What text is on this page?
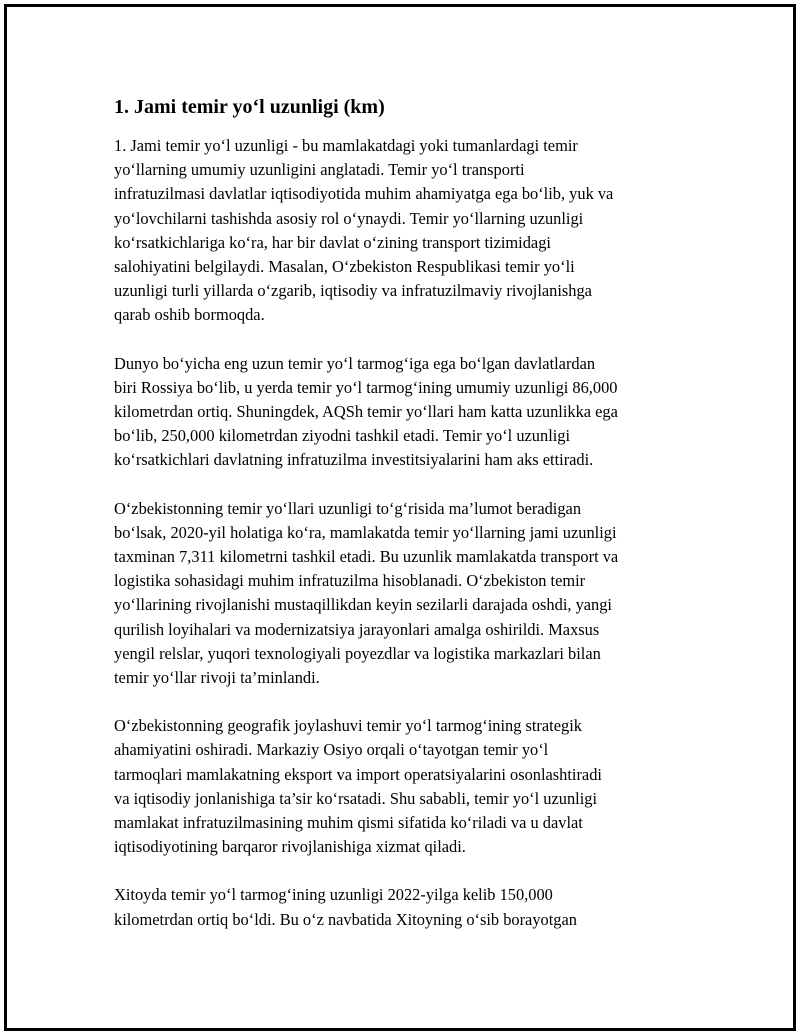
1. Jami temir yo‘l uzunligi (km)

1. Jami temir yo‘l uzunligi - bu mamlakatdagi yoki tumanlardagi temir
yo‘llarning umumiy uzunligini anglatadi. Temir yo‘l transporti
infratuzilmasi davlatlar iqtisodiyotida muhim ahamiyatga ega bo‘lib, yuk va
yo‘lovchilarni tashishda asosiy rol o‘ynaydi. Temir yo‘llarning uzunligi
ko‘rsatkichlariga ko‘ra, har bir davlat o‘zining transport tizimidagi
salohiyatini belgilaydi. Masalan, O‘zbekiston Respublikasi temir yo‘li
uzunligi turli yillarda o‘zgarib, iqtisodiy va infratuzilmaviy rivojlanishga
qarab oshib bormoqda.

Dunyo bo‘yicha eng uzun temir yo‘l tarmog‘iga ega bo‘lgan davlatlardan
biri Rossiya bo‘lib, u yerda temir yo‘l tarmog‘ining umumiy uzunligi 86,000
kilometrdan ortiq. Shuningdek, AQSh temir yo‘llari ham katta uzunlikka ega
bo‘lib, 250,000 kilometrdan ziyodni tashkil etadi. Temir yo‘l uzunligi
ko‘rsatkichlari davlatning infratuzilma investitsiyalarini ham aks ettiradi.

O‘zbekistonning temir yo‘llari uzunligi to‘g‘risida ma’lumot beradigan
bo‘lsak, 2020-yil holatiga ko‘ra, mamlakatda temir yo‘llarning jami uzunligi
taxminan 7,311 kilometrni tashkil etadi. Bu uzunlik mamlakatda transport va
logistika sohasidagi muhim infratuzilma hisoblanadi. O‘zbekiston temir
yo‘llarining rivojlanishi mustaqillikdan keyin sezilarli darajada oshdi, yangi
qurilish loyihalari va modernizatsiya jarayonlari amalga oshirildi. Maxsus
yengil relslar, yuqori texnologiyali poyezdlar va logistika markazlari bilan
temir yo‘llar rivoji ta’minlandi.

O‘zbekistonning geografik joylashuvi temir yo‘l tarmog‘ining strategik
ahamiyatini oshiradi. Markaziy Osiyo orqali o‘tayotgan temir yo‘l
tarmoqlari mamlakatning eksport va import operatsiyalarini osonlashtiradi
va iqtisodiy jonlanishiga ta’sir ko‘rsatadi. Shu sababli, temir yo‘l uzunligi
mamlakat infratuzilmasining muhim qismi sifatida ko‘riladi va u davlat
iqtisodiyotining barqaror rivojlanishiga xizmat qiladi.

Xitoyda temir yo‘l tarmog‘ining uzunligi 2022-yilga kelib 150,000
kilometrdan ortiq bo‘ldi. Bu o‘z navbatida Xitoyning o‘sib borayotgan
